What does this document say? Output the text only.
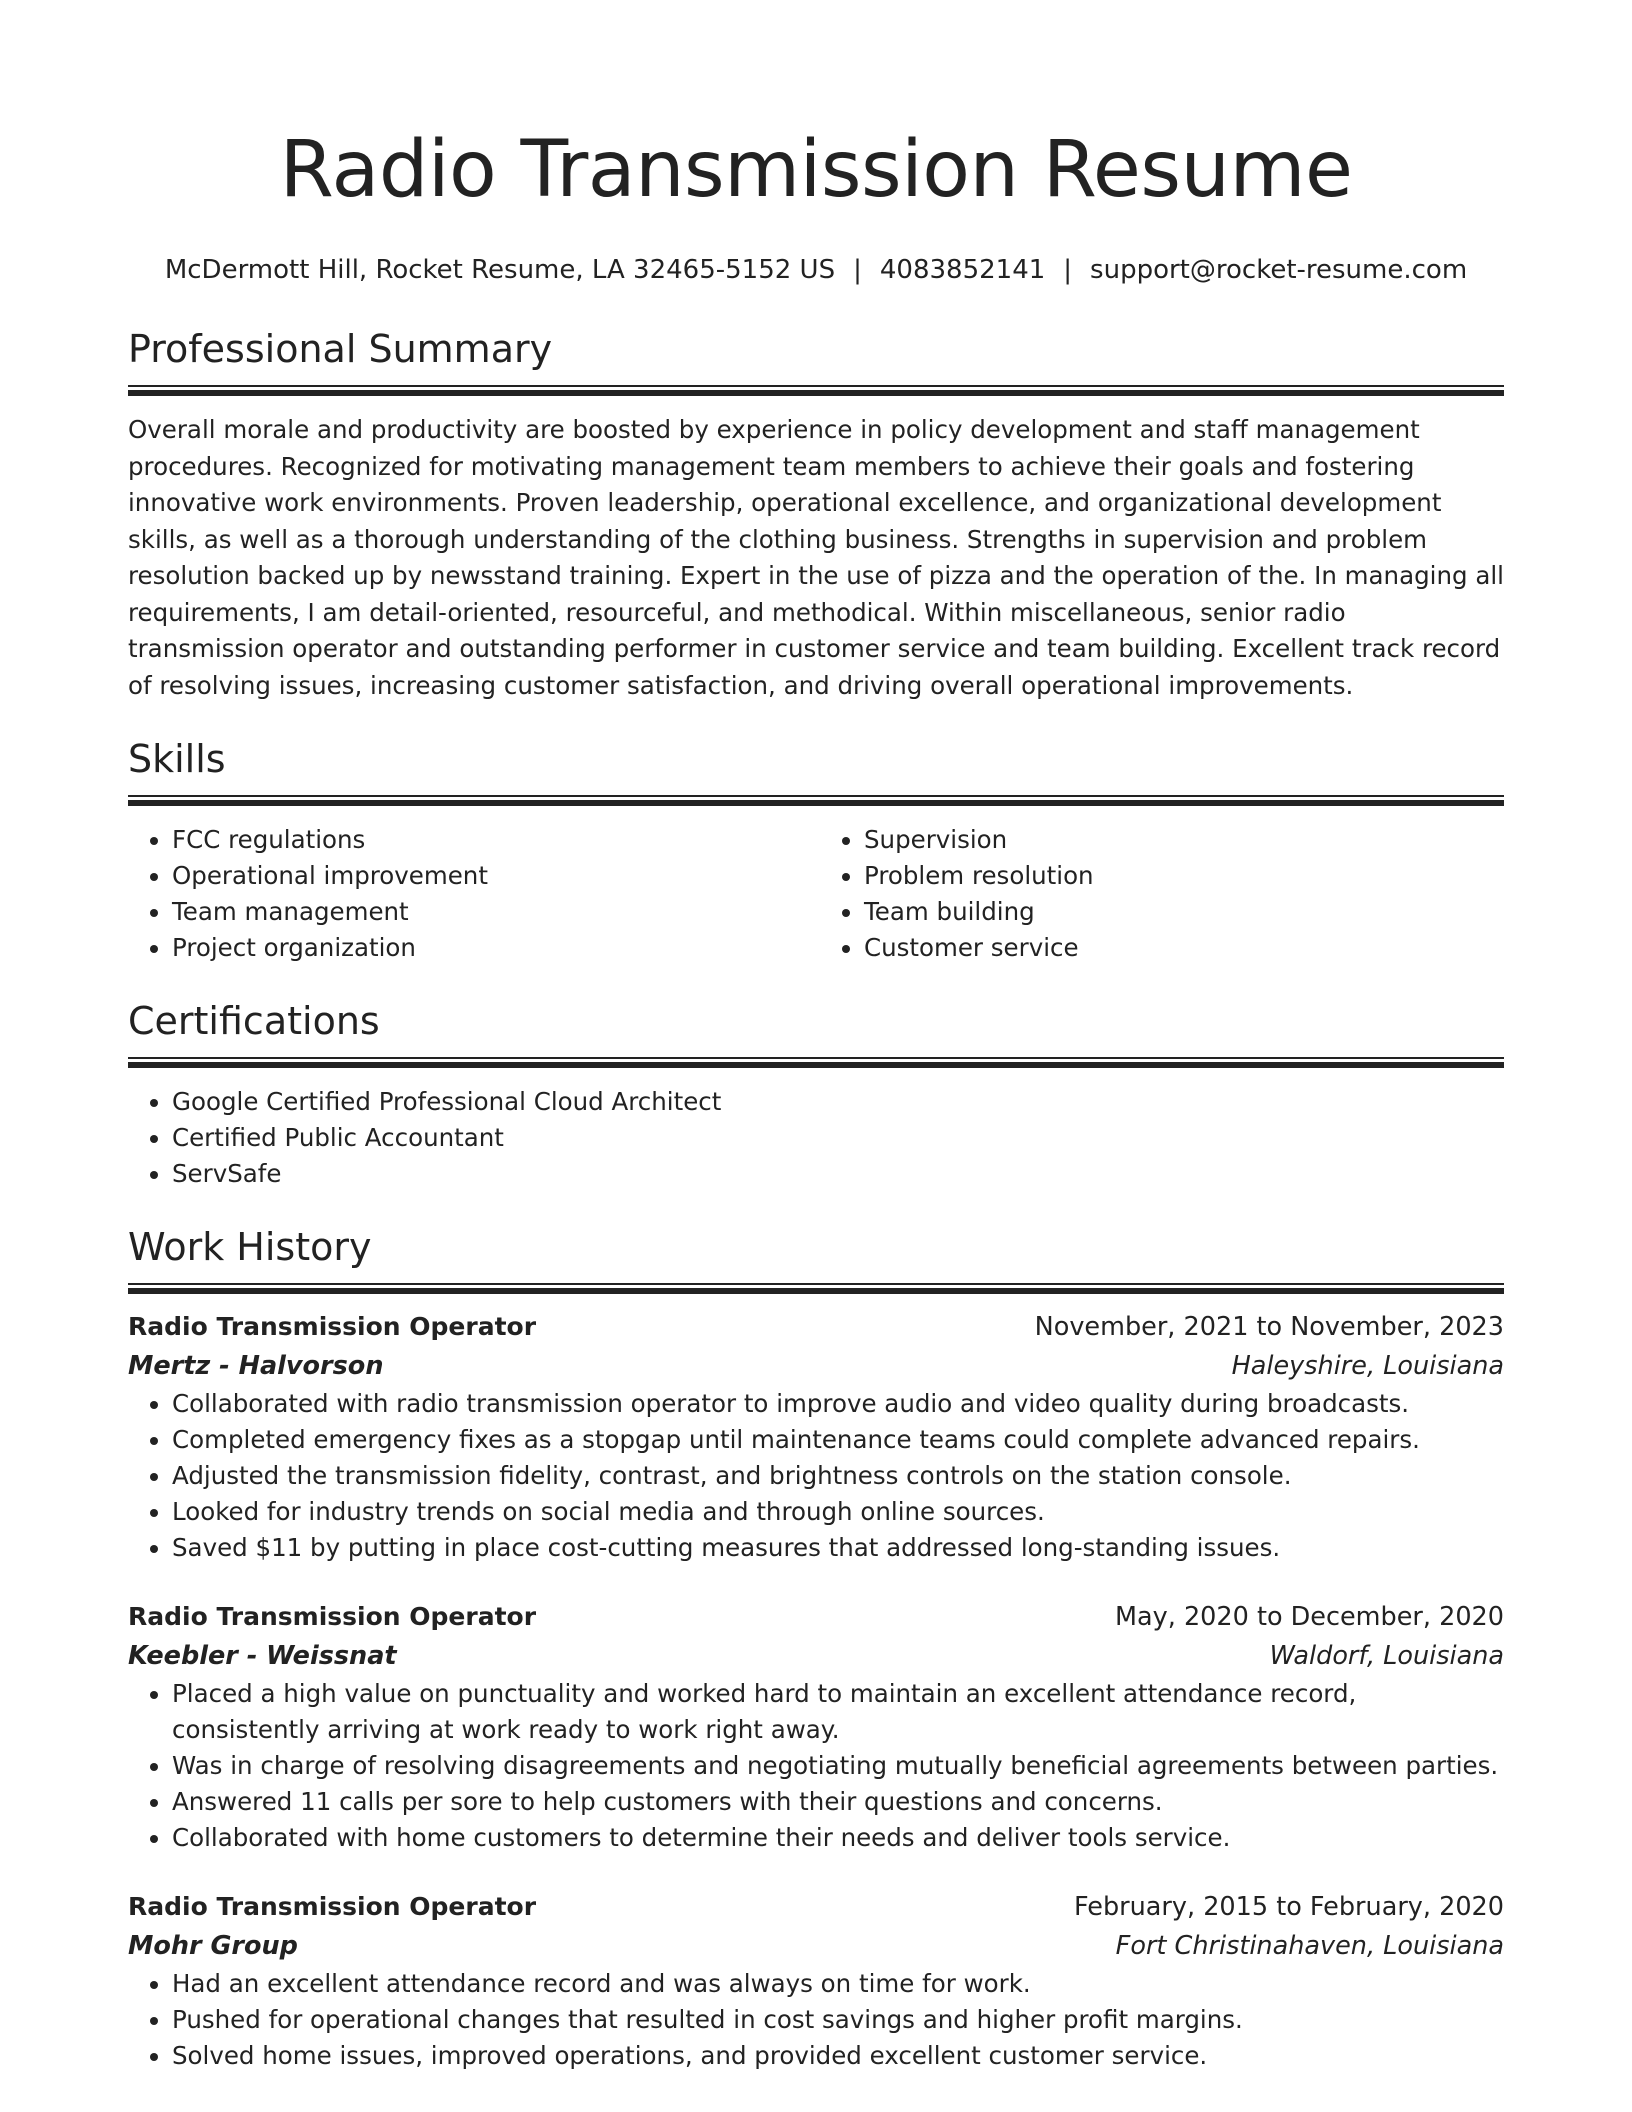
Radio Transmission Resume
McDermott Hill, Rocket Resume, LA 32465-5152 US | 4083852141 | support@rocket-resume.com
Professional Summary

Overall morale and productivity are boosted by experience in policy development and staff management procedures. Recognized for motivating management team members to achieve their goals and fostering innovative work environments. Proven leadership, operational excellence, and organizational development skills, as well as a thorough understanding of the clothing business. Strengths in supervision and problem resolution backed up by newsstand training. Expert in the use of pizza and the operation of the. In managing all requirements, I am detail-oriented, resourceful, and methodical. Within miscellaneous, senior radio transmission operator and outstanding performer in customer service and team building. Excellent track record of resolving issues, increasing customer satisfaction, and driving overall operational improvements.

Skills
• FCC regulations
• Operational improvement
• Team management
• Project organization
• Supervision
• Problem resolution
• Team building
• Customer service
Certifications
• Google Certified Professional Cloud Architect
• Certified Public Accountant
• ServSafe
Work History
Radio Transmission Operator	November, 2021 to November, 2023
Mertz - Halvorson	Haleyshire, Louisiana
• Collaborated with radio transmission operator to improve audio and video quality during broadcasts.
• Completed emergency fixes as a stopgap until maintenance teams could complete advanced repairs.
• Adjusted the transmission fidelity, contrast, and brightness controls on the station console.
• Looked for industry trends on social media and through online sources.
• Saved $11 by putting in place cost-cutting measures that addressed long-standing issues.
Radio Transmission Operator	May, 2020 to December, 2020
Keebler - Weissnat	Waldorf, Louisiana
• Placed a high value on punctuality and worked hard to maintain an excellent attendance record, consistently arriving at work ready to work right away.
• Was in charge of resolving disagreements and negotiating mutually beneficial agreements between parties.
• Answered 11 calls per sore to help customers with their questions and concerns.
• Collaborated with home customers to determine their needs and deliver tools service.
Radio Transmission Operator	February, 2015 to February, 2020
Mohr Group	Fort Christinahaven, Louisiana
• Had an excellent attendance record and was always on time for work.
• Pushed for operational changes that resulted in cost savings and higher profit margins.
• Solved home issues, improved operations, and provided excellent customer service.
